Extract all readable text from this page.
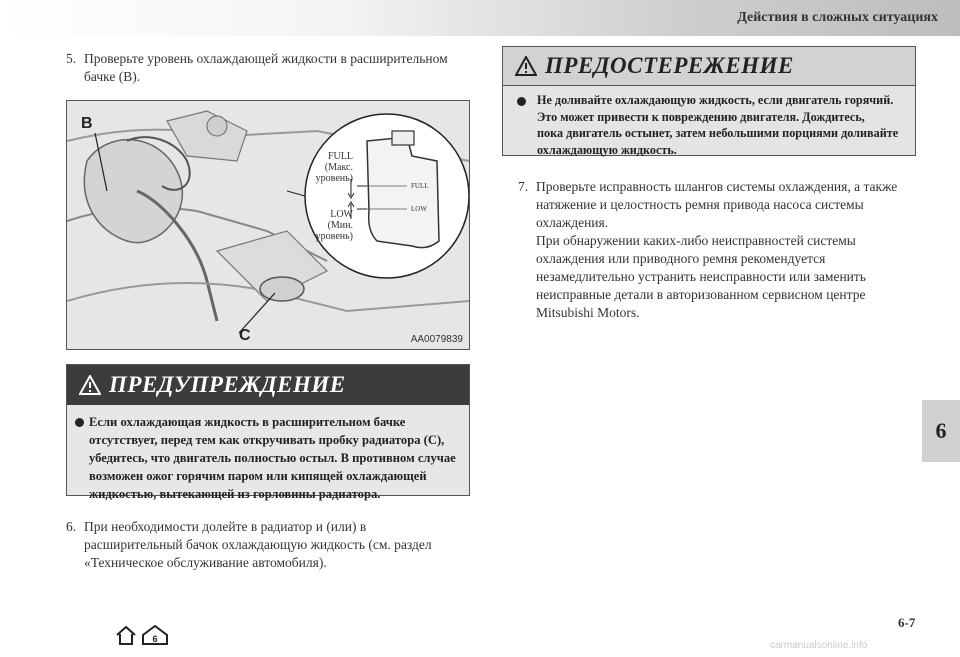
Действия в сложных ситуациях
5. Проверьте уровень охлаждающей жидкости в расширительном
бачке (B).
B
C
FULL
(Макс.
уровень)
LOW
(Мин.
уровень)
FULL
LOW
AA0079839
ПРЕДУПРЕЖДЕНИЕ
Если охлаждающая жидкость в расширительном бачке
отсутствует, перед тем как откручивать пробку радиатора (C),
убедитесь, что двигатель полностью остыл. В противном случае
возможен ожог горячим паром или кипящей охлаждающей
жидкостью, вытекающей из горловины радиатора.
6. При необходимости долейте в радиатор и (или) в
расширительный бачок охлаждающую жидкость (см. раздел
«Техническое обслуживание автомобиля).
ПРЕДОСТЕРЕЖЕНИЕ
Не доливайте охлаждающую жидкость, если двигатель горячий.
Это может привести к повреждению двигателя. Дождитесь,
пока двигатель остынет, затем небольшими порциями доливайте
охлаждающую жидкость.
7. Проверьте исправность шлангов системы охлаждения, а также
натяжение и целостность ремня привода насоса системы
охлаждения.
При обнаружении каких-либо неисправностей системы
охлаждения или приводного ремня рекомендуется
незамедлительно устранить неисправности или заменить
неисправные детали в авторизованном сервисном центре
Mitsubishi Motors.
6
6
6-7
carmanualsonline.info
